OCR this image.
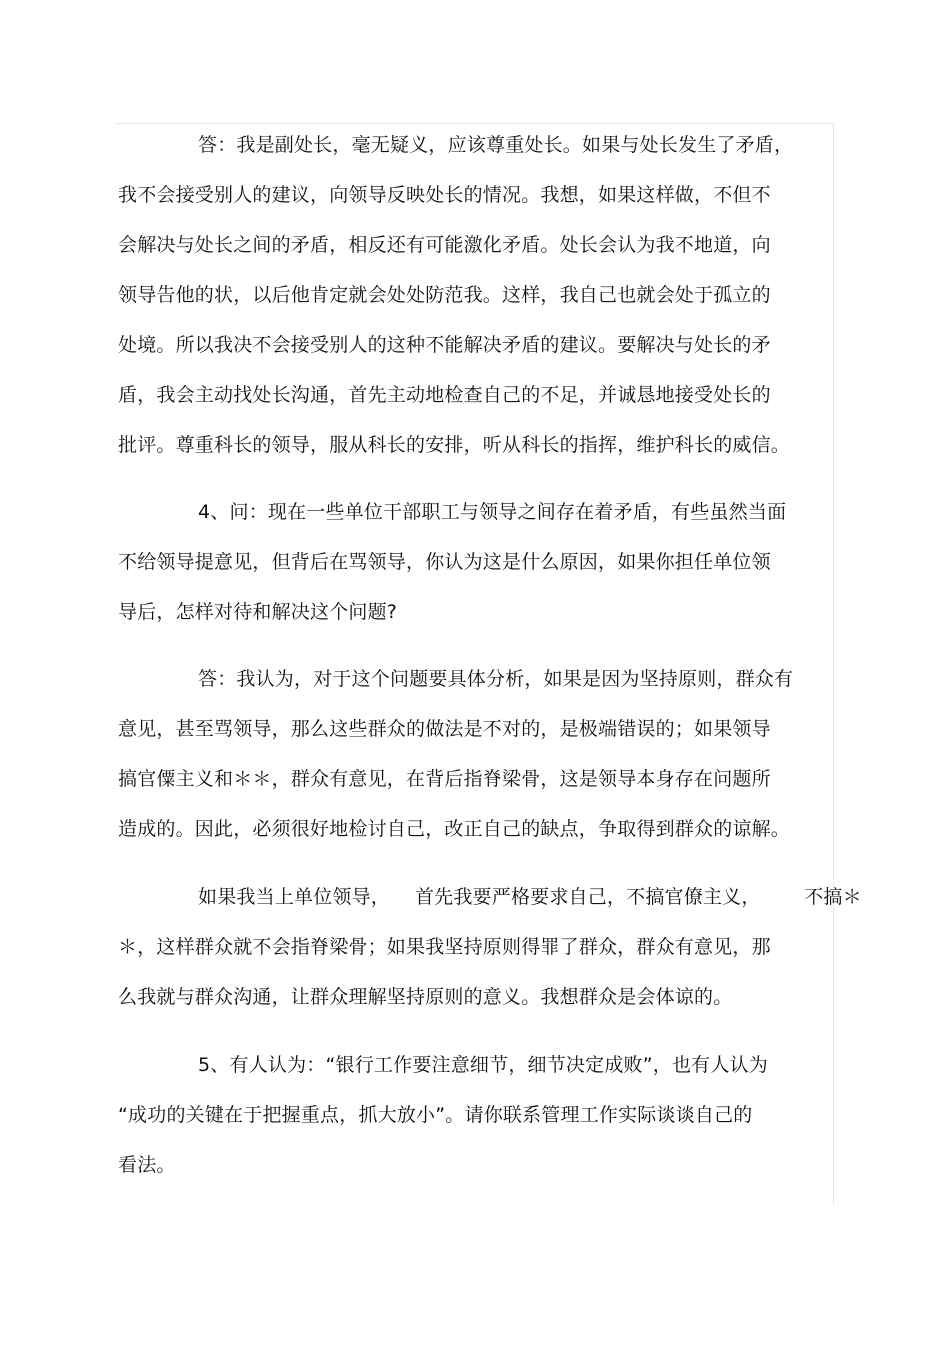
答：我是副处长，毫无疑义，应该尊重处长。如果与处长发生了矛盾，
我不会接受别人的建议，向领导反映处长的情况。我想，如果这样做，不但不
会解决与处长之间的矛盾，相反还有可能激化矛盾。处长会认为我不地道，向
领导告他的状，以后他肯定就会处处防范我。这样，我自己也就会处于孤立的
处境。所以我决不会接受别人的这种不能解决矛盾的建议。要解决与处长的矛
盾，我会主动找处长沟通，首先主动地检查自己的不足，并诚恳地接受处长的
批评。尊重科长的领导，服从科长的安排，听从科长的指挥，维护科长的威信。
4、问：现在一些单位干部职工与领导之间存在着矛盾，有些虽然当面
不给领导提意见，但背后在骂领导，你认为这是什么原因，如果你担任单位领
导后，怎样对待和解决这个问题?
答：我认为，对于这个问题要具体分析，如果是因为坚持原则，群众有
意见，甚至骂领导，那么这些群众的做法是不对的，是极端错误的；如果领导
搞官僳主义和＊＊，群众有意见，在背后指脊梁骨，这是领导本身存在问题所
造成的。因此，必须很好地检讨自己，改正自己的缺点，争取得到群众的谅解。
如果我当上单位领导，    首先我要严格要求自己，不搞官僚主义，       不搞＊
＊，这样群众就不会指脊梁骨；如果我坚持原则得罪了群众，群众有意见，那
么我就与群众沟通，让群众理解坚持原则的意义。我想群众是会体谅的。
5、有人认为：“银行工作要注意细节，细节决定成败”，也有人认为
“成功的关键在于把握重点，抓大放小”。请你联系管理工作实际谈谈自己的
看法。
